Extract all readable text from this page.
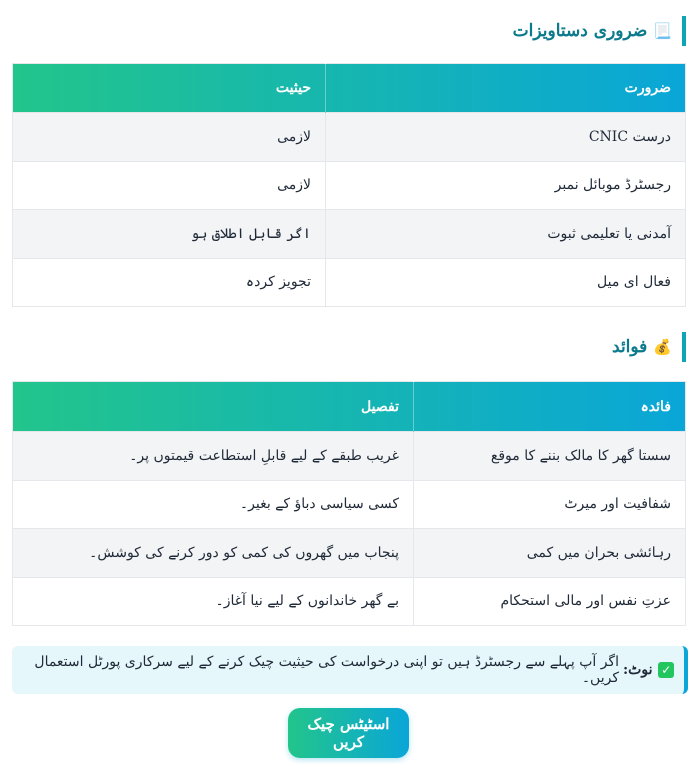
📃
ضروری دستاویزات
ضرورت	حیثیت
درست CNIC	لازمی
رجسٹرڈ موبائل نمبر	لازمی
آمدنی یا تعلیمی ثبوت	اگر قابل اطلاق ہو
فعال ای میل	تجویز کردہ
💰
فوائد
فائدہ	تفصیل
سستا گھر کا مالک بننے کا موقع	غریب طبقے کے لیے قابلِ استطاعت قیمتوں پر۔
شفافیت اور میرٹ	کسی سیاسی دباؤ کے بغیر۔
رہائشی بحران میں کمی	پنجاب میں گھروں کی کمی کو دور کرنے کی کوشش۔
عزتِ نفس اور مالی استحکام	بے گھر خاندانوں کے لیے نیا آغاز۔
✓
نوٹ:
اگر آپ پہلے سے رجسٹرڈ ہیں تو اپنی درخواست کی حیثیت چیک کرنے کے لیے سرکاری پورٹل استعمال کریں۔
اسٹیٹس چیک کریں
